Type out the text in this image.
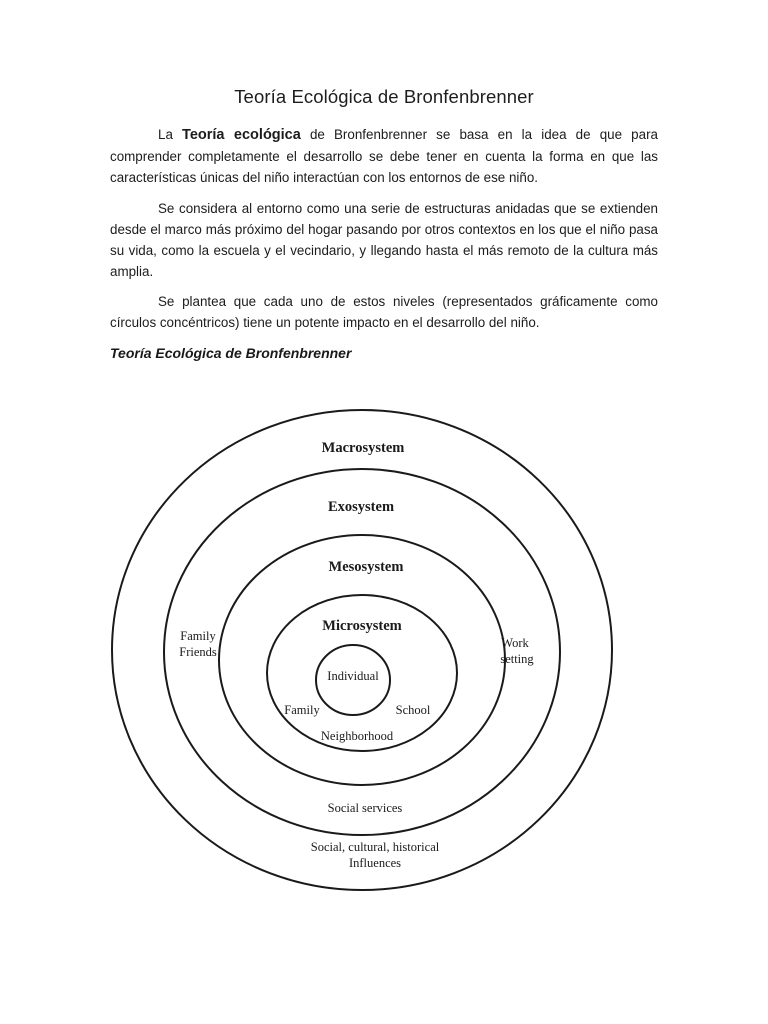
Teoría Ecológica de Bronfenbrenner
La Teoría ecológica de Bronfenbrenner se basa en la idea de que para comprender completamente el desarrollo se debe tener en cuenta la forma en que las características únicas del niño interactúan con los entornos de ese niño.
Se considera al entorno como una serie de estructuras anidadas que se extienden desde el marco más próximo del hogar pasando por otros contextos en los que el niño pasa su vida, como la escuela y el vecindario, y llegando hasta el más remoto de la cultura más amplia.
Se plantea que cada uno de estos niveles (representados gráficamente como círculos concéntricos) tiene un potente impacto en el desarrollo del niño.
Teoría Ecológica de Bronfenbrenner
Macrosystem
Exosystem
Mesosystem
Microsystem
Individual
Family	School
Neighborhood
Family
Friends
Work
setting
Social services
Social, cultural, historical
Influences
